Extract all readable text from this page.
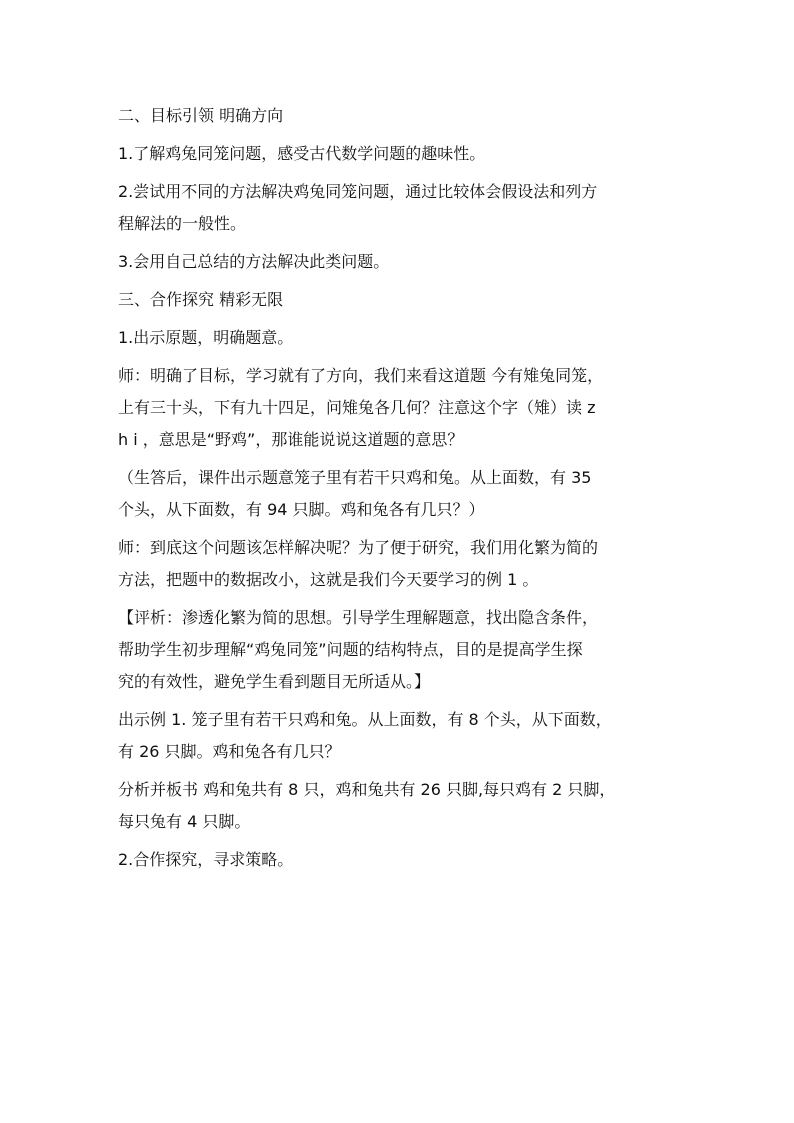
二、目标引领 明确方向
1.了解鸡兔同笼问题，感受古代数学问题的趣味性。
2.尝试用不同的方法解决鸡兔同笼问题，通过比较体会假设法和列方
程解法的一般性。
3.会用自己总结的方法解决此类问题。
三、合作探究 精彩无限
1.出示原题，明确题意。
师：明确了目标，学习就有了方向，我们来看这道题 今有雉兔同笼，
上有三十头，下有九十四足，问雉兔各几何？注意这个字（雉）读 z
h i ，意思是“野鸡”，那谁能说说这道题的意思？
（生答后，课件出示题意笼子里有若干只鸡和兔。从上面数，有 35
个头，从下面数，有 94 只脚。鸡和兔各有几只？）
师：到底这个问题该怎样解决呢？为了便于研究，我们用化繁为简的
方法，把题中的数据改小，这就是我们今天要学习的例 1 。
【评析：渗透化繁为简的思想。引导学生理解题意，找出隐含条件，
帮助学生初步理解“鸡兔同笼”问题的结构特点，目的是提高学生探
究的有效性，避免学生看到题目无所适从。】
出示例 1. 笼子里有若干只鸡和兔。从上面数，有 8 个头，从下面数，
有 26 只脚。鸡和兔各有几只？
分析并板书 鸡和兔共有 8 只，鸡和兔共有 26 只脚,每只鸡有 2 只脚，
每只兔有 4 只脚。
2.合作探究，寻求策略。
